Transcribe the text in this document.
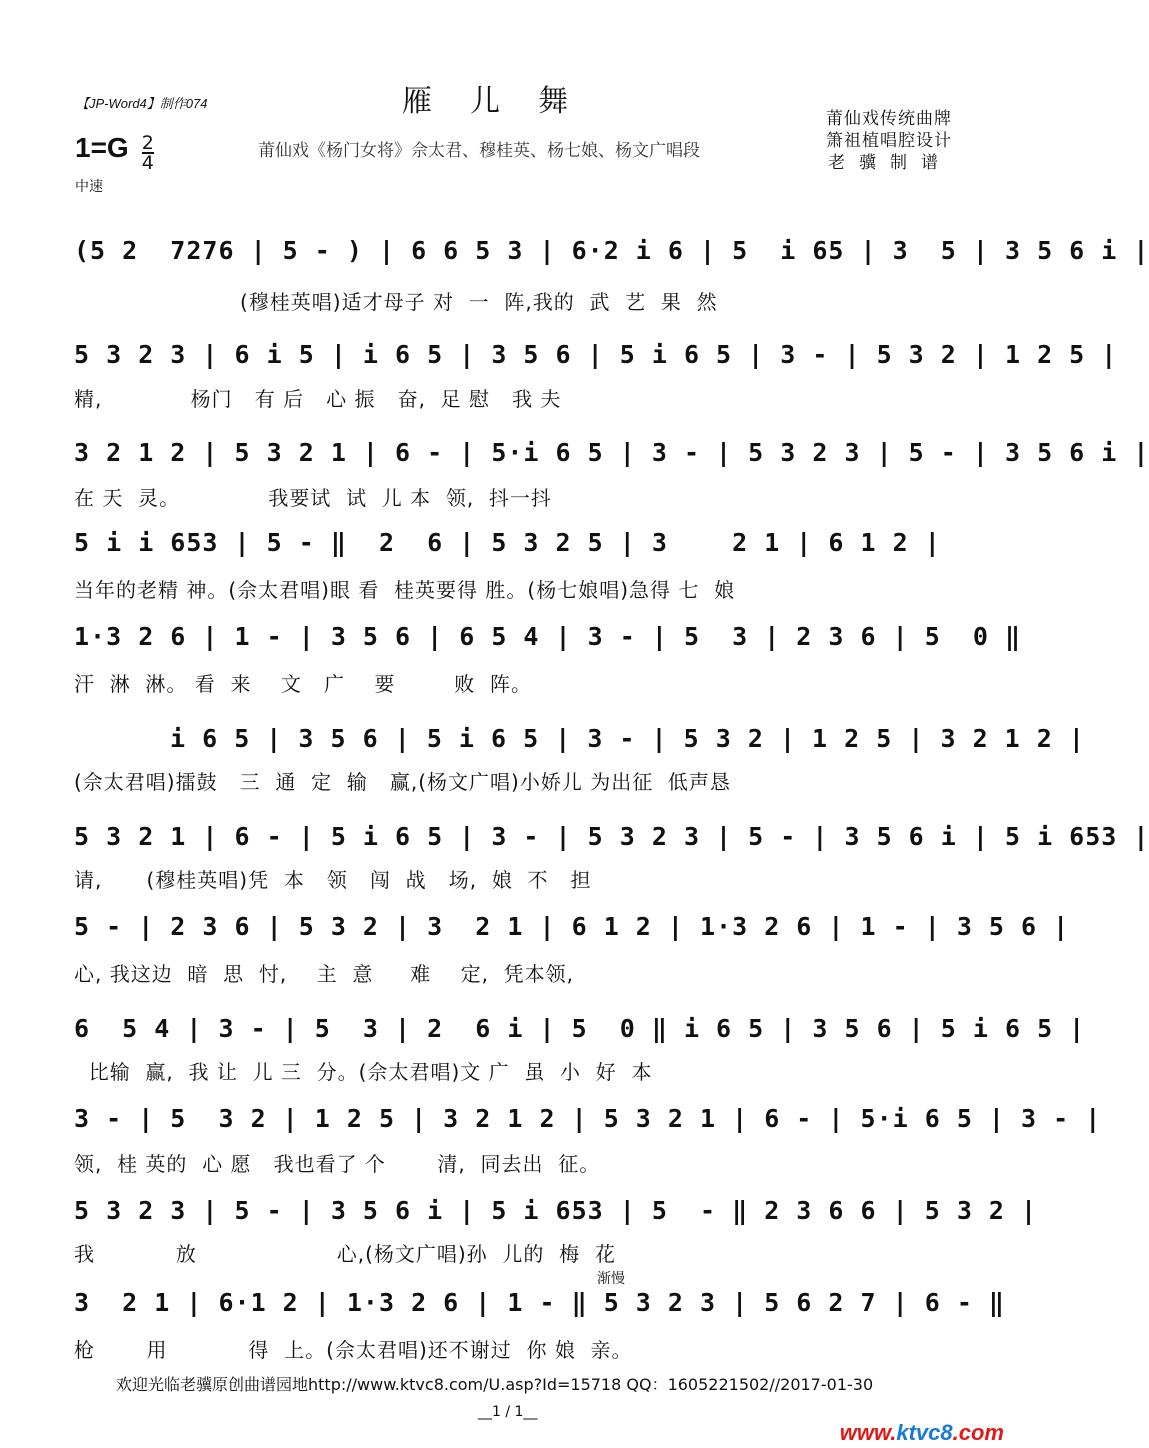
【JP-Word4】制作074	雁儿舞
莆仙戏《杨门女将》佘太君、穆桂英、杨七娘、杨文广唱段
莆仙戏传统曲牌
箫祖植唱腔设计
老骥制谱
$1=G \frac{2}{4}$
中速
(5 2  7276 | 5 - ) | 6 6 5 3 | 6·2 i 6 | 5  i 65 | 3  5 | 3 5 6 i |
(穆桂英唱)适才母子 对  一  阵,我的  武  艺  果  然
5 3 2 3 | 6 i 5 | i 6 5 | 3 5 6 | 5 i 6 5 | 3 - | 5 3 2 | 1 2 5 |
精,            杨门   有 后   心 振   奋,  足 慰   我 夫
3 2 1 2 | 5 3 2 1 | 6 - | 5·i 6 5 | 3 - | 5 3 2 3 | 5 - | 3 5 6 i |
在 天  灵。            我要试  试  儿 本  领,  抖一抖
5 i i 653 | 5 - ‖  2  6 | 5 3 2 5 | 3    2 1 | 6 1 2 |
当年的老精 神。(佘太君唱)眼 看  桂英要得 胜。(杨七娘唱)急得 七  娘
1·3 2 6 | 1 - | 3 5 6 | 6 5 4 | 3 - | 5  3 | 2 3 6 | 5  0 ‖
汗  淋  淋。 看  来    文   广    要        败  阵。
i 6 5 | 3 5 6 | 5 i 6 5 | 3 - | 5 3 2 | 1 2 5 | 3 2 1 2 |
(佘太君唱)擂鼓   三  通  定  输   赢,(杨文广唱)小娇儿 为出征  低声恳
5 3 2 1 | 6 - | 5 i 6 5 | 3 - | 5 3 2 3 | 5 - | 3 5 6 i | 5 i 653 |
请,      (穆桂英唱)凭  本   领   闯  战   场,  娘  不   担
5 - | 2 3 6 | 5 3 2 | 3  2 1 | 6 1 2 | 1·3 2 6 | 1 - | 3 5 6 |
心, 我这边  暗  思  忖,    主  意     难    定,  凭本领,
6  5 4 | 3 - | 5  3 | 2  6 i | 5  0 ‖ i 6 5 | 3 5 6 | 5 i 6 5 |
比输  赢,  我 让  儿 三  分。(佘太君唱)文 广  虽  小  好  本
3 - | 5  3 2 | 1 2 5 | 3 2 1 2 | 5 3 2 1 | 6 - | 5·i 6 5 | 3 - |
领,  桂 英的  心 愿   我也看了 个       清,  同去出  征。
5 3 2 3 | 5 - | 3 5 6 i | 5 i 653 | 5  - ‖ 2 3 6 6 | 5 3 2 |
我           放                   心,(杨文广唱)孙  儿的  梅  花
渐慢
3  2 1 | 6·1 2 | 1·3 2 6 | 1 - ‖ 5 3 2 3 | 5 6 2 7 | 6 - ‖
枪       用           得  上。(佘太君唱)还不谢过  你 娘  亲。
欢迎光临老骥原创曲谱园地http://www.ktvc8.com/U.asp?Id=15718 QQ：1605221502//2017-01-30
__1 / 1__
www.ktvc8.com
